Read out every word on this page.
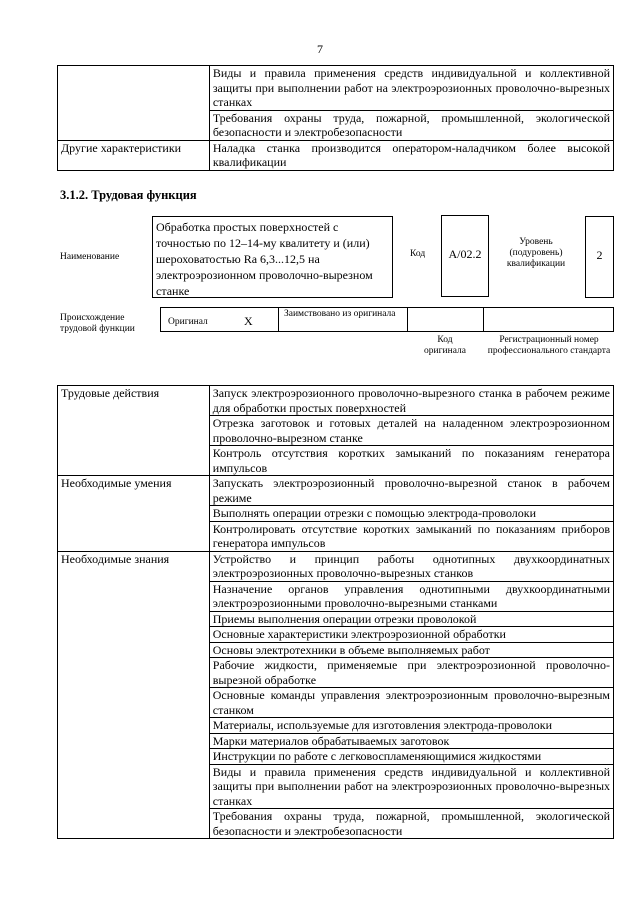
7
	Виды и правила применения средств индивидуальной и коллективной защиты при выполнении работ на электроэрозионных проволочно-вырезных станках
	Требования охраны труда, пожарной, промышленной, экологической безопасности и электробезопасности
Другие характеристики	Наладка станка производится оператором-наладчиком более высокой квалификации
3.1.2. Трудовая функция
Наименование
Обработка простых поверхностей с точностью по 12–14-му квалитету и (или) шероховатостью Ra 6,3...12,5 на электроэрозионном проволочно-вырезном станке
Код	А/02.2
Уровень (подуровень) квалификации
2
Происхождение трудовой функции
Оригинал	X	Заимствовано из оригинала
Код оригинала
Регистрационный номер профессионального стандарта
Трудовые действия	Запуск электроэрозионного проволочно-вырезного станка в рабочем режиме для обработки простых поверхностей
	Отрезка заготовок и готовых деталей на наладенном электроэрозионном проволочно-вырезном станке
	Контроль отсутствия коротких замыканий по показаниям генератора импульсов
Необходимые умения	Запускать электроэрозионный проволочно-вырезной станок в рабочем режиме
	Выполнять операции отрезки с помощью электрода-проволоки
	Контролировать отсутствие коротких замыканий по показаниям приборов генератора импульсов
Необходимые знания	Устройство и принцип работы однотипных двухкоординатных электроэрозионных проволочно-вырезных станков
	Назначение органов управления однотипными двухкоординатными электроэрозионными проволочно-вырезными станками
	Приемы выполнения операции отрезки проволокой
	Основные характеристики электроэрозионной обработки
	Основы электротехники в объеме выполняемых работ
	Рабочие жидкости, применяемые при электроэрозионной проволочно-вырезной обработке
	Основные команды управления электроэрозионным проволочно-вырезным станком
	Материалы, используемые для изготовления электрода-проволоки
	Марки материалов обрабатываемых заготовок
	Инструкции по работе с легковоспламеняющимися жидкостями
	Виды и правила применения средств индивидуальной и коллективной защиты при выполнении работ на электроэрозионных проволочно-вырезных станках
	Требования охраны труда, пожарной, промышленной, экологической безопасности и электробезопасности
